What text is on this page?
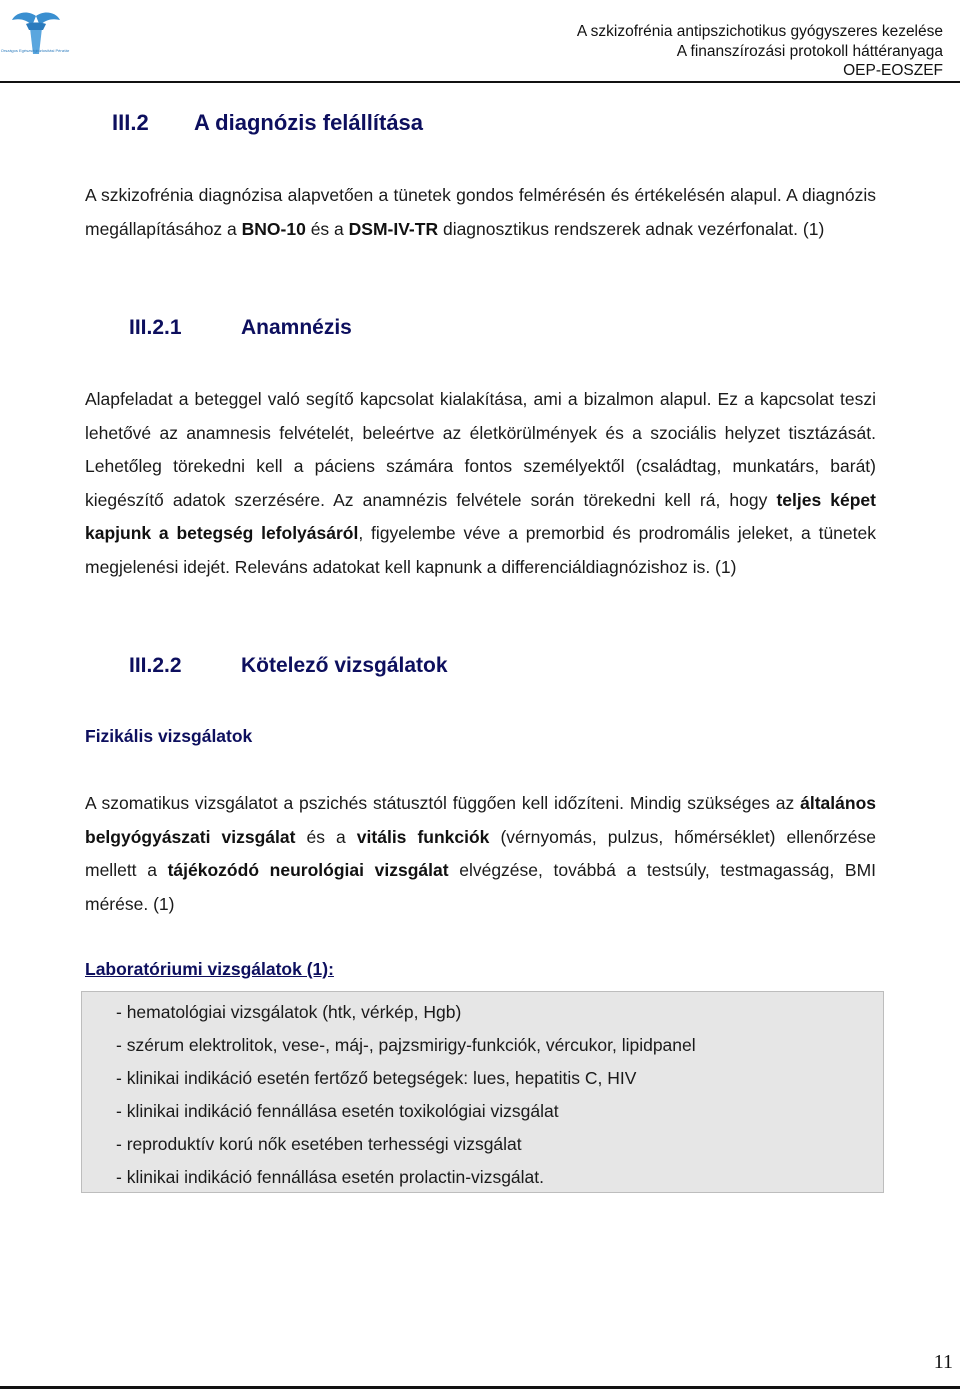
Országos Egészségbiztosítási Pénztár
A szkizofrénia antipszichotikus gyógyszeres kezelése
A finanszírozási protokoll háttéranyaga
OEP-EOSZEF
III.2 A diagnózis felállítása

A szkizofrénia diagnózisa alapvetően a tünetek gondos felmérésén és értékelésén alapul. A diagnózis megállapításához a BNO-10 és a DSM-IV-TR diagnosztikus rendszerek adnak vezérfonalat. (1)

III.2.1	Anamnézis

Alapfeladat a beteggel való segítő kapcsolat kialakítása, ami a bizalmon alapul. Ez a kapcsolat teszi lehetővé az anamnesis felvételét, beleértve az életkörülmények és a szociális helyzet tisztázását. Lehetőleg törekedni kell a páciens számára fontos személyektől (családtag, munkatárs, barát) kiegészítő adatok szerzésére. Az anamnézis felvétele során törekedni kell rá, hogy teljes képet kapjunk a betegség lefolyásáról, figyelembe véve a premorbid és prodromális jeleket, a tünetek megjelenési idejét. Releváns adatokat kell kapnunk a differenciáldiagnózishoz is. (1)

III.2.2	Kötelező vizsgálatok
Fizikális vizsgálatok

A szomatikus vizsgálatot a pszichés státusztól függően kell időzíteni. Mindig szükséges az általános belgyógyászati vizsgálat és a vitális funkciók (vérnyomás, pulzus, hőmérséklet) ellenőrzése mellett a tájékozódó neurológiai vizsgálat elvégzése, továbbá a testsúly, testmagasság, BMI mérése. (1)

Laboratóriumi vizsgálatok (1):
- hematológiai vizsgálatok (htk, vérkép, Hgb)
- szérum elektrolitok, vese-, máj-, pajzsmirigy-funkciók, vércukor, lipidpanel
- klinikai indikáció esetén fertőző betegségek: lues, hepatitis C, HIV
- klinikai indikáció fennállása esetén toxikológiai vizsgálat
- reproduktív korú nők esetében terhességi vizsgálat
- klinikai indikáció fennállása esetén prolactin-vizsgálat.
11
